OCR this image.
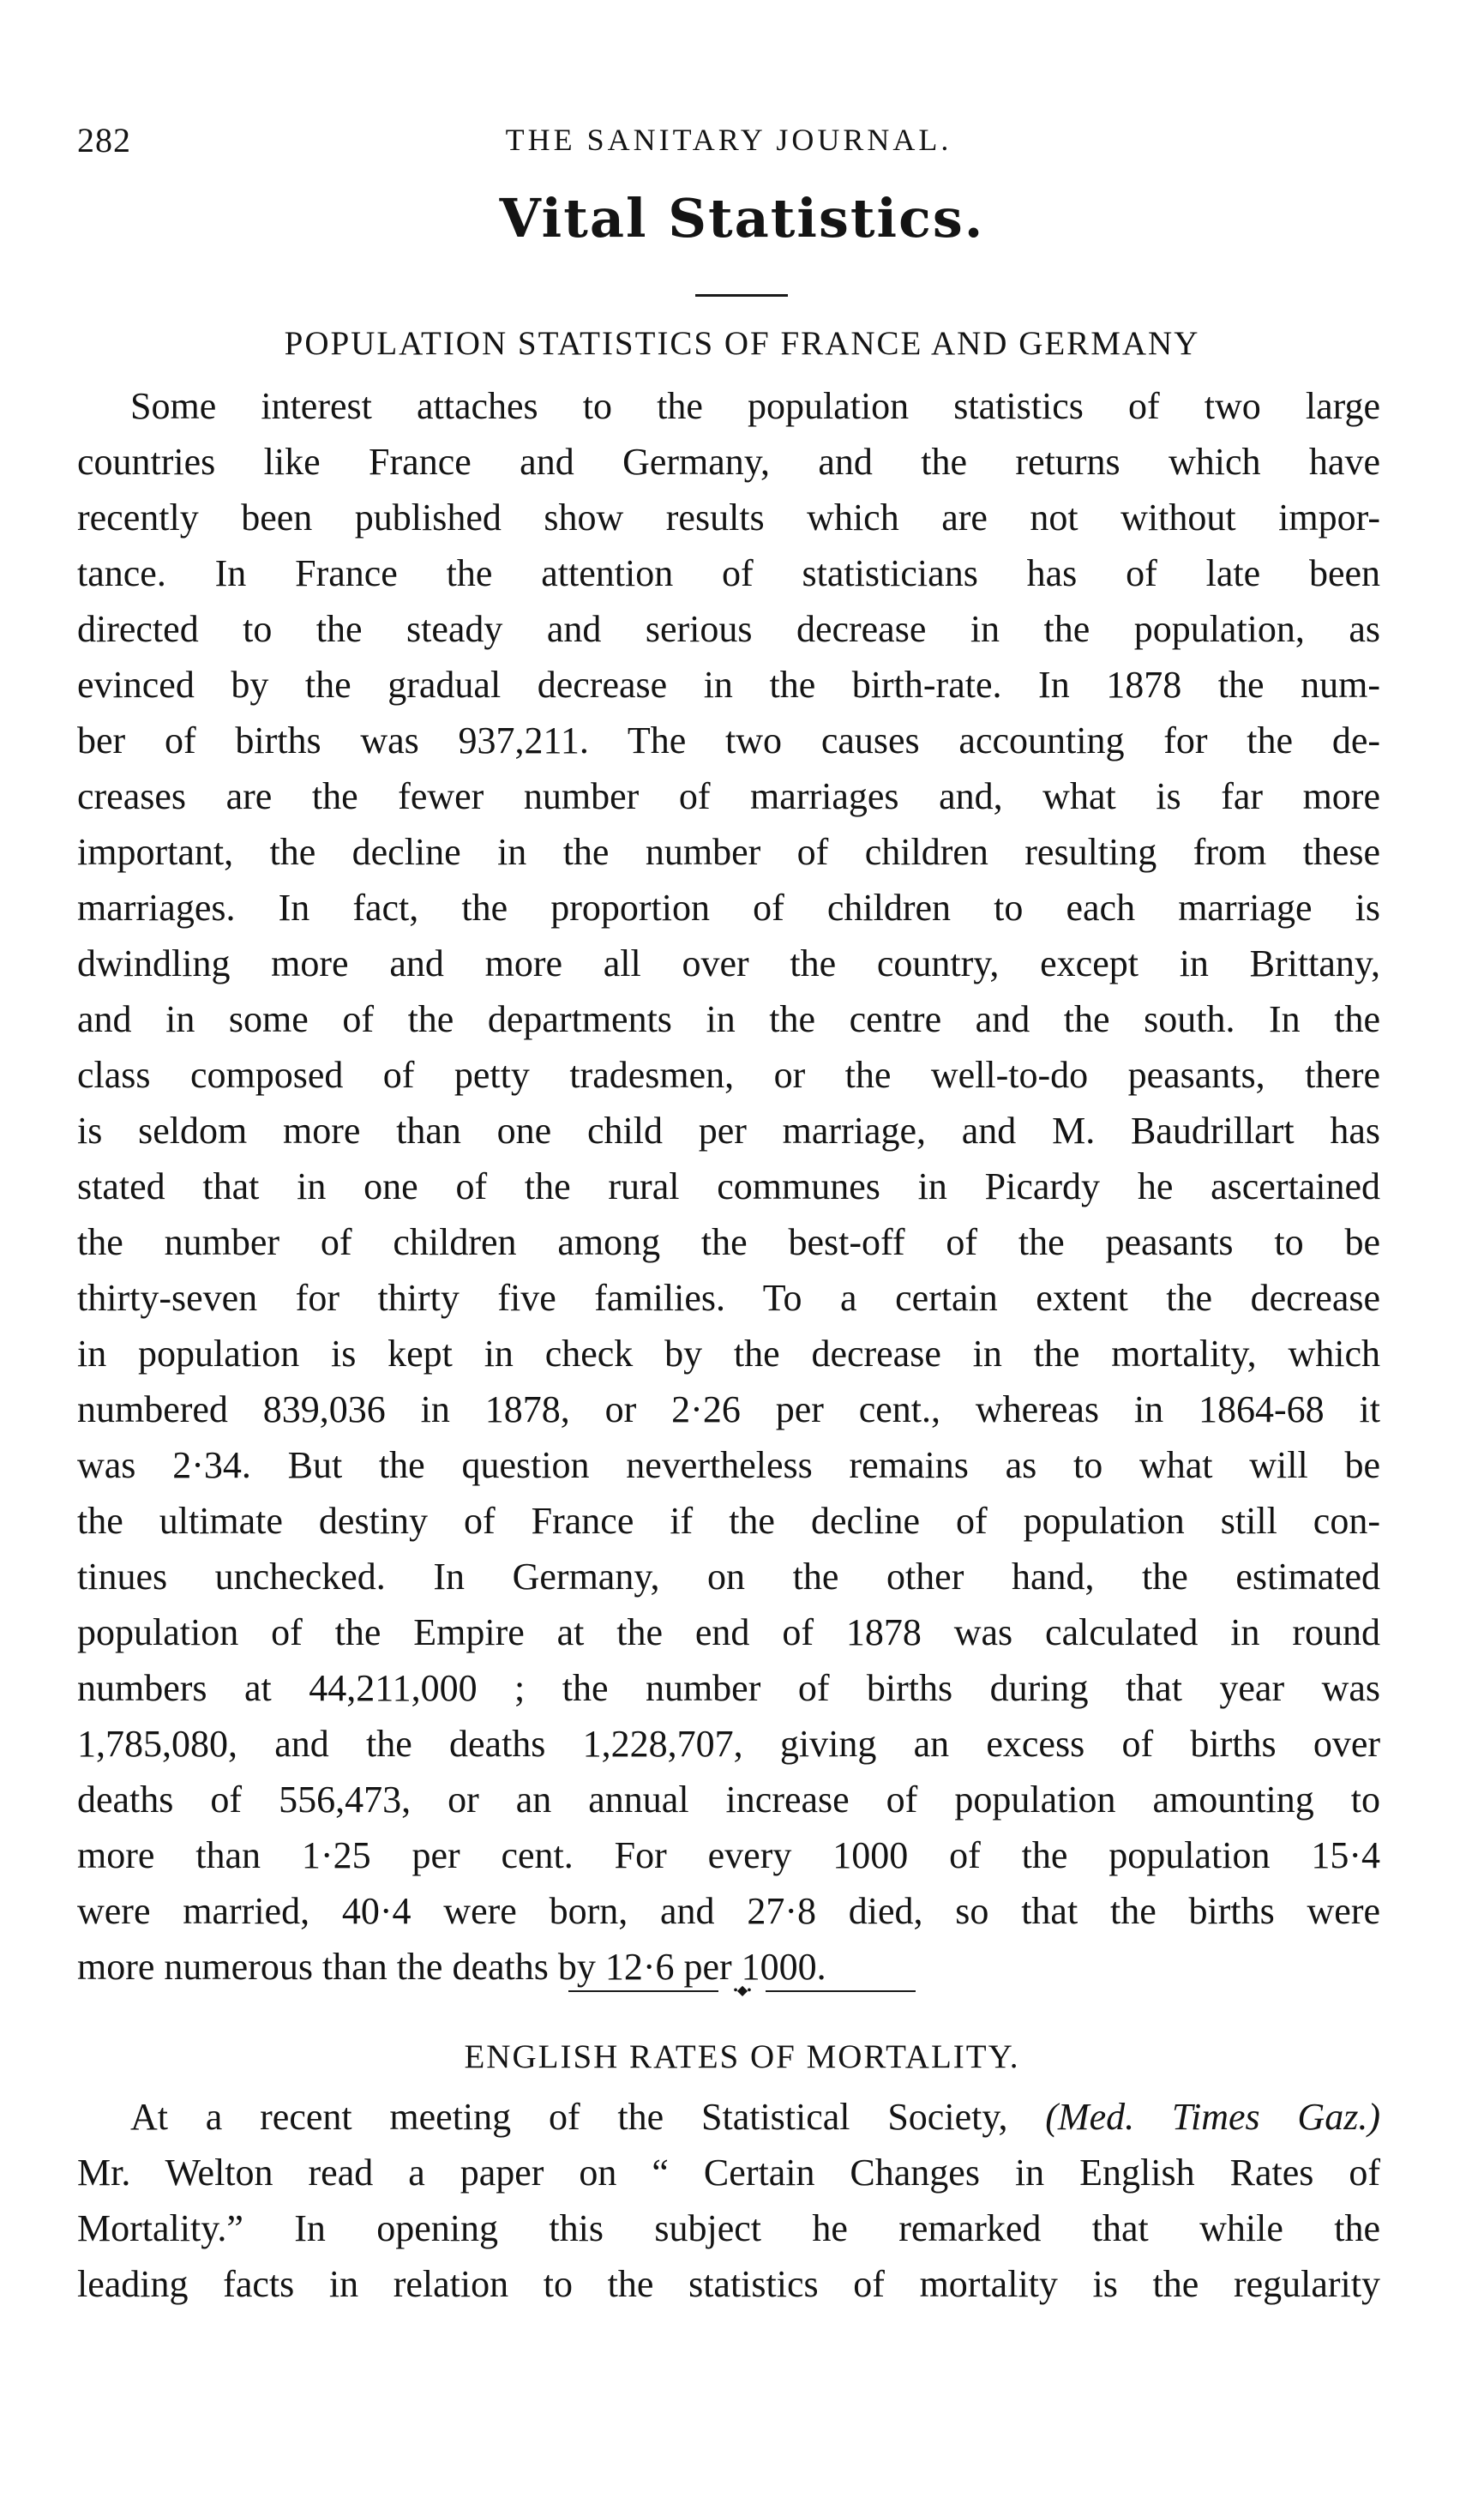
282	THE SANITARY JOURNAL.
Vital Statistics.
POPULATION STATISTICS OF FRANCE AND GERMANY
Some interest attaches to the population statistics of two large
countries like France and Germany, and the returns which have
recently been published show results which are not without impor-
tance. In France the attention of statisticians has of late been
directed to the steady and serious decrease in the population, as
evinced by the gradual decrease in the birth-rate. In 1878 the num-
ber of births was 937,211. The two causes accounting for the de-
creases are the fewer number of marriages and, what is far more
important, the decline in the number of children resulting from these
marriages. In fact, the proportion of children to each marriage is
dwindling more and more all over the country, except in Brittany,
and in some of the departments in the centre and the south. In the
class composed of petty tradesmen, or the well-to-do peasants, there
is seldom more than one child per marriage, and M. Baudrillart has
stated that in one of the rural communes in Picardy he ascertained
the number of children among the best-off of the peasants to be
thirty-seven for thirty five families. To a certain extent the decrease
in population is kept in check by the decrease in the mortality, which
numbered 839,036 in 1878, or 2·26 per cent., whereas in 1864-68 it
was 2·34. But the question nevertheless remains as to what will be
the ultimate destiny of France if the decline of population still con-
tinues unchecked. In Germany, on the other hand, the estimated
population of the Empire at the end of 1878 was calculated in round
numbers at 44,211,000 ; the number of births during that year was
1,785,080, and the deaths 1,228,707, giving an excess of births over
deaths of 556,473, or an annual increase of population amounting to
more than 1·25 per cent. For every 1000 of the population 15·4
were married, 40·4 were born, and 27·8 died, so that the births were
more numerous than the deaths by 12·6 per 1000.
•◆•
ENGLISH RATES OF MORTALITY.
At a recent meeting of the Statistical Society, (Med. Times Gaz.)
Mr. Welton read a paper on “ Certain Changes in English Rates of
Mortality.” In opening this subject he remarked that while the
leading facts in relation to the statistics of mortality is the regularity
